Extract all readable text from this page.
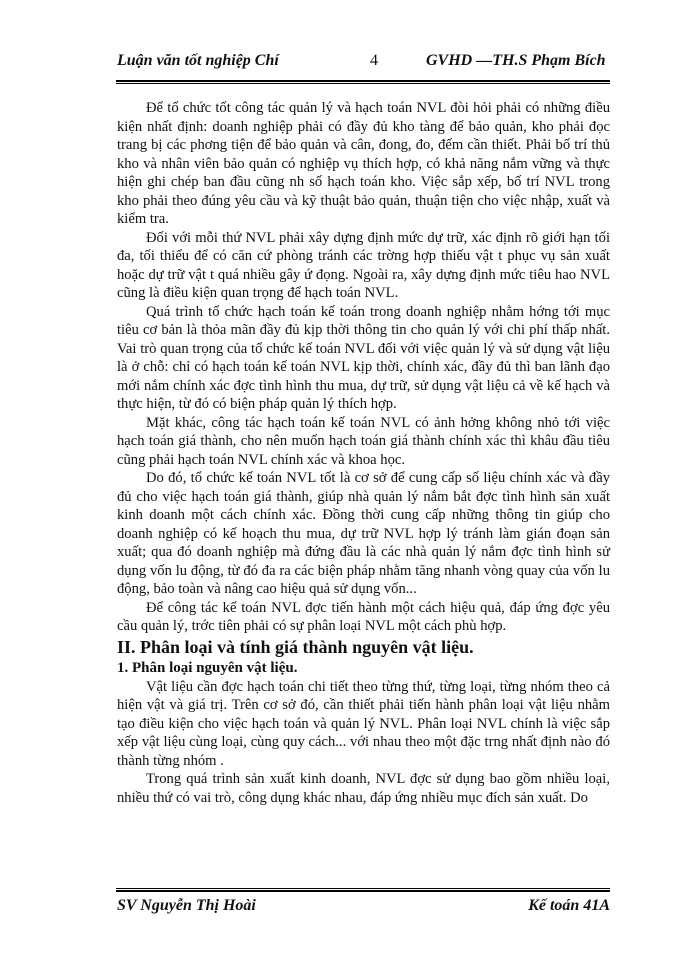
Luận văn tốt nghiệp Chí	4	GVHD —TH.S Phạm Bích

Để tổ chức tốt công tác quản lý và hạch toán NVL đòi hỏi phải có những điều kiện nhất định: doanh nghiệp phải có đầy đủ kho tàng để bảo quản, kho phải đọc trang bị các phơng tiện để bảo quản và cân, đong, đo, đếm cần thiết. Phải bố trí thủ kho và nhân viên bảo quản có nghiệp vụ thích hợp, có khả năng nắm vững và thực hiện ghi chép ban đầu cũng nh số hạch toán kho. Việc sắp xếp, bố trí NVL trong kho phải theo đúng yêu cầu và kỹ thuật bảo quản, thuận tiện cho việc nhập, xuất và kiểm tra.

Đối với mỗi thứ NVL phải xây dựng định mức dự trữ, xác định rõ giới hạn tối đa, tối thiểu để có căn cứ phòng tránh các trờng hợp thiếu vật t phục vụ sản xuất hoặc dự trữ vật t quá nhiều gây ứ đọng. Ngoài ra, xây dựng định mức tiêu hao NVL cũng là điều kiện quan trọng để hạch toán NVL.

Quá trình tổ chức hạch toán kế toán trong doanh nghiệp nhằm hớng tới mục tiêu cơ bản là thỏa mãn đầy đủ kịp thời thông tin cho quản lý với chi phí thấp nhất. Vai trò quan trọng của tổ chức kế toán NVL đối với việc quản lý và sử dụng vật liệu là ở chỗ: chỉ có hạch toán kế toán NVL kịp thời, chính xác, đầy đủ thì ban lãnh đạo mới nắm chính xác đợc tình hình thu mua, dự trữ, sử dụng vật liệu cả về kế hạch và thực hiện, từ đó có biện pháp quản lý thích hợp.

Mặt khác, công tác hạch toán kế toán NVL có ảnh hởng không nhỏ tới việc hạch toán giá thành, cho nên muốn hạch toán giá thành chính xác thì khâu đầu tiêu cũng phải hạch toán NVL chính xác và khoa học.

Do đó, tổ chức kế toán NVL tốt là cơ sở để cung cấp số liệu chính xác và đầy đủ cho việc hạch toán giá thành, giúp nhà quản lý nắm bắt đợc tình hình sản xuất kinh doanh một cách chính xác. Đồng thời cung cấp những thông tin giúp cho doanh nghiệp có kế hoạch thu mua, dự trữ NVL hợp lý tránh làm gián đoạn sản xuất; qua đó doanh nghiệp mà đứng đầu là các nhà quản lý nắm đợc tình hình sử dụng vốn lu động, từ đó đa ra các biện pháp nhằm tăng nhanh vòng quay của vốn lu động, bảo toàn và nâng cao hiệu quả sử dụng vốn...

Để công tác kế toán NVL đợc tiến hành một cách hiệu quả, đáp ứng đợc yêu cầu quản lý, trớc tiên phải có sự phân loại NVL một cách phù hợp.

II. Phân loại và tính giá thành nguyên vật liệu.

1. Phân loại nguyên vật liệu.

Vật liệu cần đợc hạch toán chi tiết theo từng thứ, từng loại, từng nhóm theo cả hiện vật và giá trị. Trên cơ sở đó, cần thiết phải tiến hành phân loại vật liệu nhằm tạo điều kiện cho việc hạch toán và quản lý NVL. Phân loại NVL chính là việc sắp xếp vật liệu cùng loại, cùng quy cách... với nhau theo một đặc trng nhất định nào đó thành từng nhóm .

Trong quá trình sản xuất kinh doanh, NVL đợc sử dụng bao gồm nhiều loại, nhiều thứ có vai trò, công dụng khác nhau, đáp ứng nhiều mục đích sản xuất. Do

SV Nguyễn Thị Hoài	Kế toán 41A
